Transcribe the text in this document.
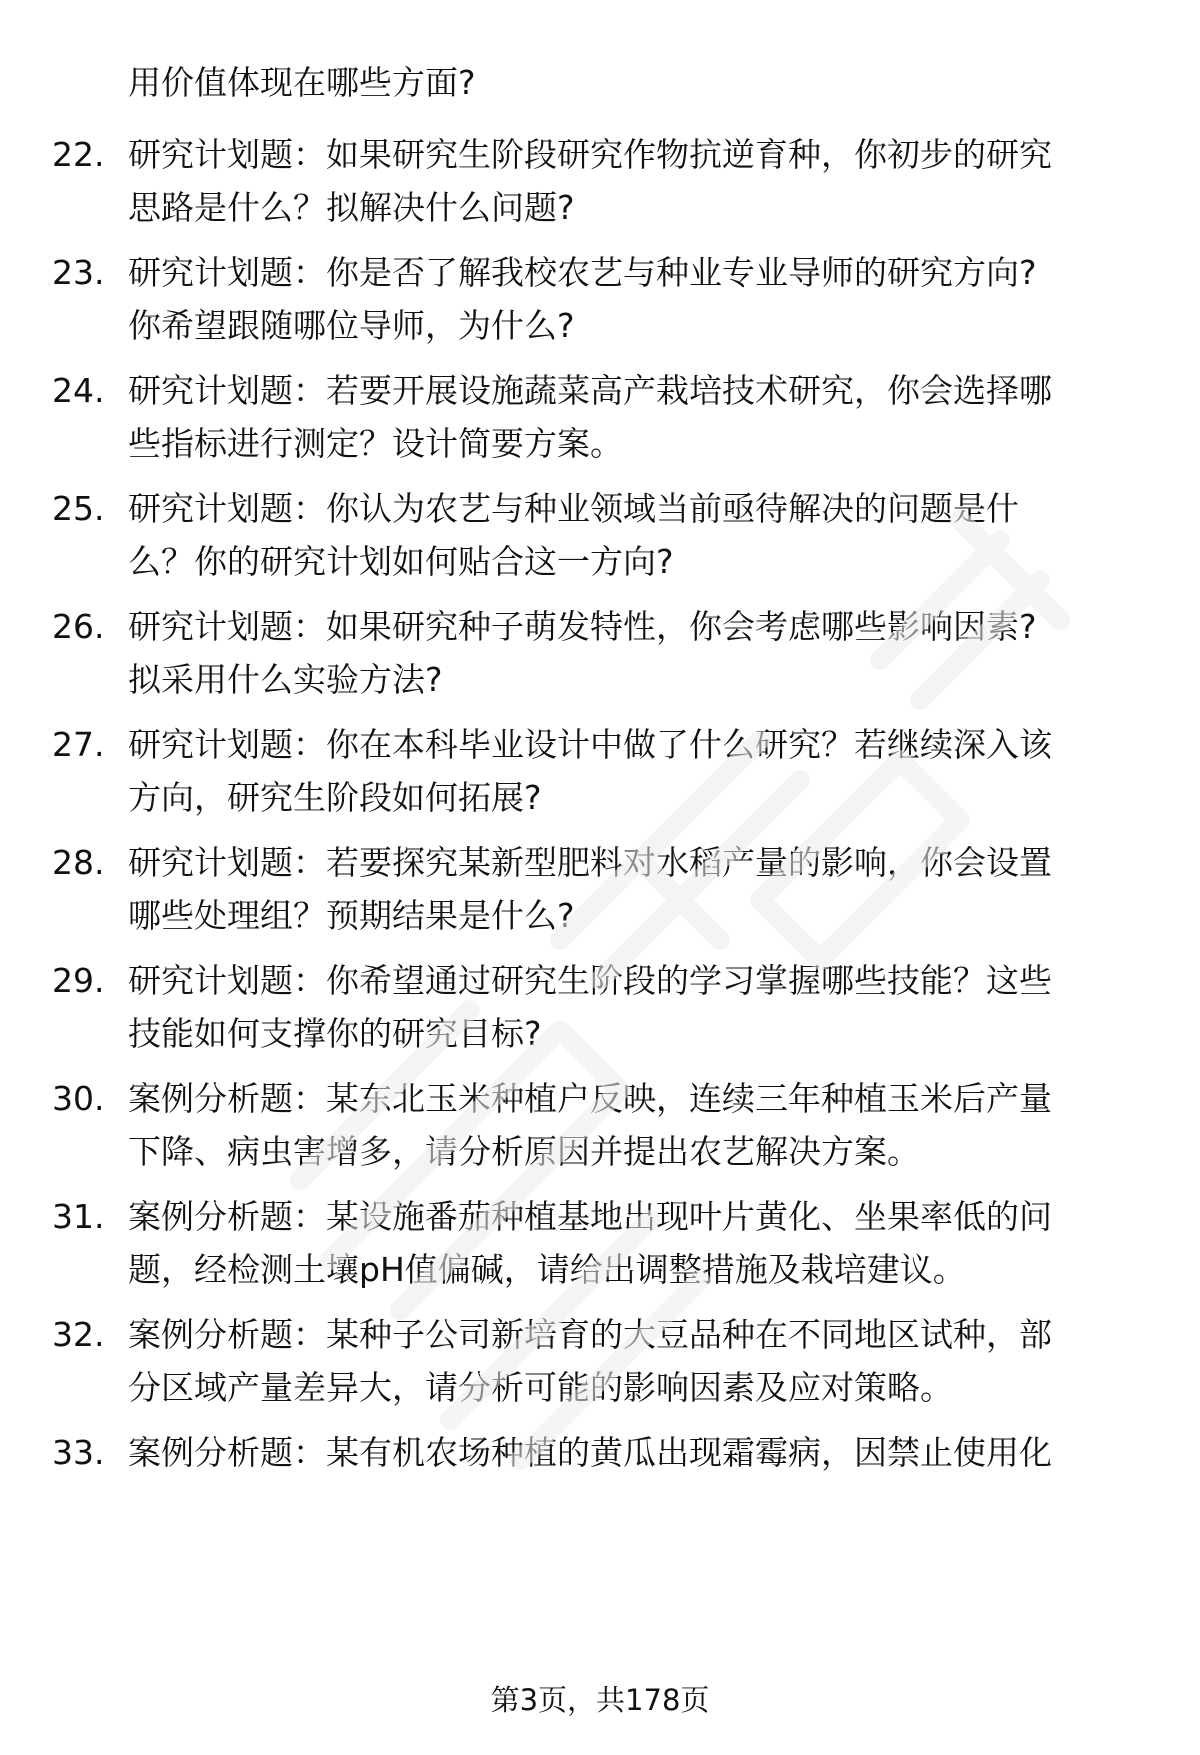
用价值体现在哪些方面?
22. 研究计划题：如果研究生阶段研究作物抗逆育种，你初步的研究
思路是什么？拟解决什么问题?
23. 研究计划题：你是否了解我校农艺与种业专业导师的研究方向?
你希望跟随哪位导师，为什么?
24. 研究计划题：若要开展设施蔬菜高产栽培技术研究，你会选择哪
些指标进行测定？设计简要方案。
25. 研究计划题：你认为农艺与种业领域当前亟待解决的问题是什
么？你的研究计划如何贴合这一方向?
26. 研究计划题：如果研究种子萌发特性，你会考虑哪些影响因素?
拟采用什么实验方法?
27. 研究计划题：你在本科毕业设计中做了什么研究？若继续深入该
方向，研究生阶段如何拓展?
28. 研究计划题：若要探究某新型肥料对水稻产量的影响，你会设置
哪些处理组？预期结果是什么?
29. 研究计划题：你希望通过研究生阶段的学习掌握哪些技能？这些
技能如何支撑你的研究目标?
30. 案例分析题：某东北玉米种植户反映，连续三年种植玉米后产量
下降、病虫害增多，请分析原因并提出农艺解决方案。
31. 案例分析题：某设施番茄种植基地出现叶片黄化、坐果率低的问
题，经检测土壤pH值偏碱，请给出调整措施及栽培建议。
32. 案例分析题：某种子公司新培育的大豆品种在不同地区试种，部
分区域产量差异大，请分析可能的影响因素及应对策略。
33. 案例分析题：某有机农场种植的黄瓜出现霜霉病，因禁止使用化
第3页，共178页
